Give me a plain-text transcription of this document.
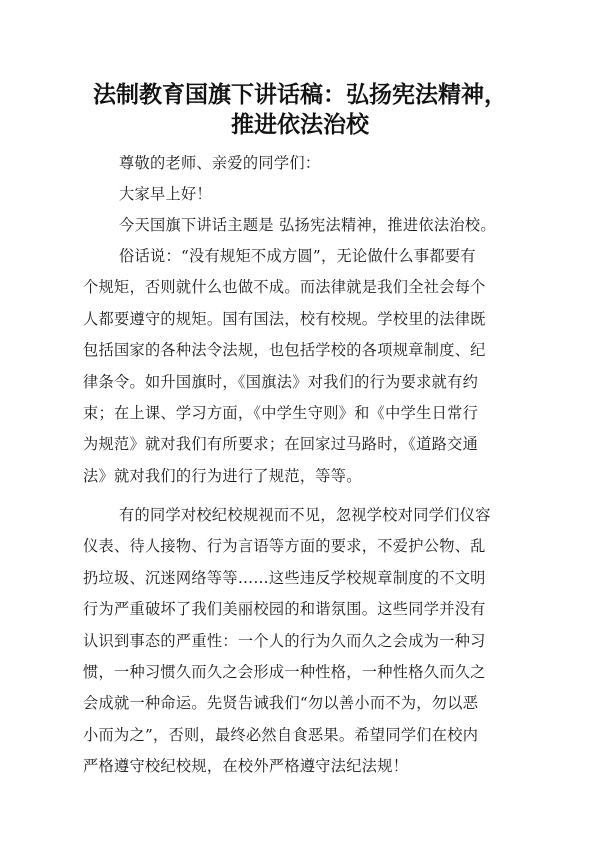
法制教育国旗下讲话稿：弘扬宪法精神，
推进依法治校

尊敬的老师、亲爱的同学们：

大家早上好！

今天国旗下讲话主题是 弘扬宪法精神，推进依法治校。

俗话说：“没有规矩不成方圆”，无论做什么事都要有
个规矩，否则就什么也做不成。而法律就是我们全社会每个
人都要遵守的规矩。国有国法，校有校规。学校里的法律既
包括国家的各种法令法规，也包括学校的各项规章制度、纪
律条令。如升国旗时，《国旗法》对我们的行为要求就有约
束；在上课、学习方面，《中学生守则》和《中学生日常行
为规范》就对我们有所要求；在回家过马路时，《道路交通
法》就对我们的行为进行了规范，等等。

有的同学对校纪校规视而不见，忽视学校对同学们仪容
仪表、待人接物、行为言语等方面的要求，不爱护公物、乱
扔垃圾、沉迷网络等等……这些违反学校规章制度的不文明
行为严重破坏了我们美丽校园的和谐氛围。这些同学并没有
认识到事态的严重性：一个人的行为久而久之会成为一种习
惯，一种习惯久而久之会形成一种性格，一种性格久而久之
会成就一种命运。先贤告诫我们“勿以善小而不为，勿以恶
小而为之”，否则，最终必然自食恶果。希望同学们在校内
严格遵守校纪校规，在校外严格遵守法纪法规！
